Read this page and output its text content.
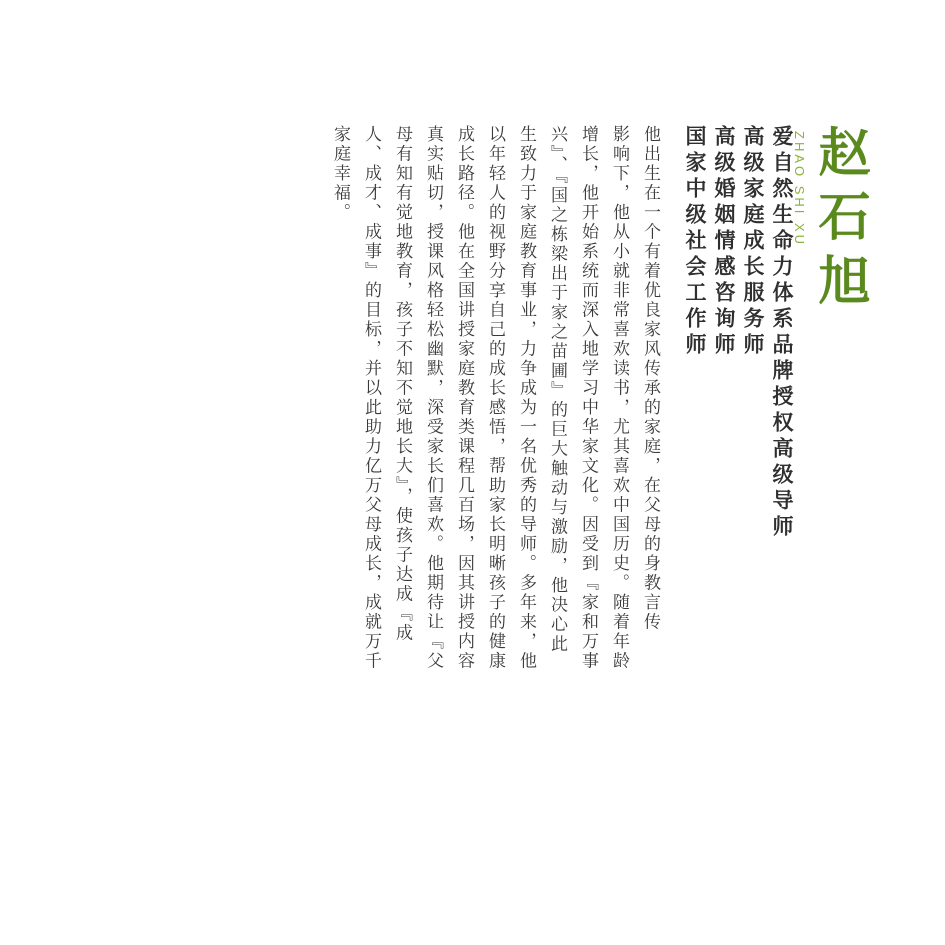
家庭幸福。 人、成才、成事』的目标，并以此助力亿万父母成长，成就万千 母有知有觉地教育，孩子不知不觉地长大』，使孩子达成『成 真实贴切，授课风格轻松幽默，深受家长们喜欢。他期待让『父 成长路径。他在全国讲授家庭教育类课程几百场，因其讲授内容 以年轻人的视野分享自己的成长感悟，帮助家长明晰孩子的健康 生致力于家庭教育事业，力争成为一名优秀的导师。多年来，他 兴』、『国之栋梁出于家之苗圃』的巨大触动与激励，他决心此 增长，他开始系统而深入地学习中华家文化。因受到『家和万事 影响下，他从小就非常喜欢读书，尤其喜欢中国历史。随着年龄 他出生在一个有着优良家风传承的家庭，在父母的身教言传 国家中级社会工作师 高级婚姻情感咨询师 高级家庭成长服务师 爱自然生命力体系品牌授权高级导师
ZHAO SHI XU 赵石旭
